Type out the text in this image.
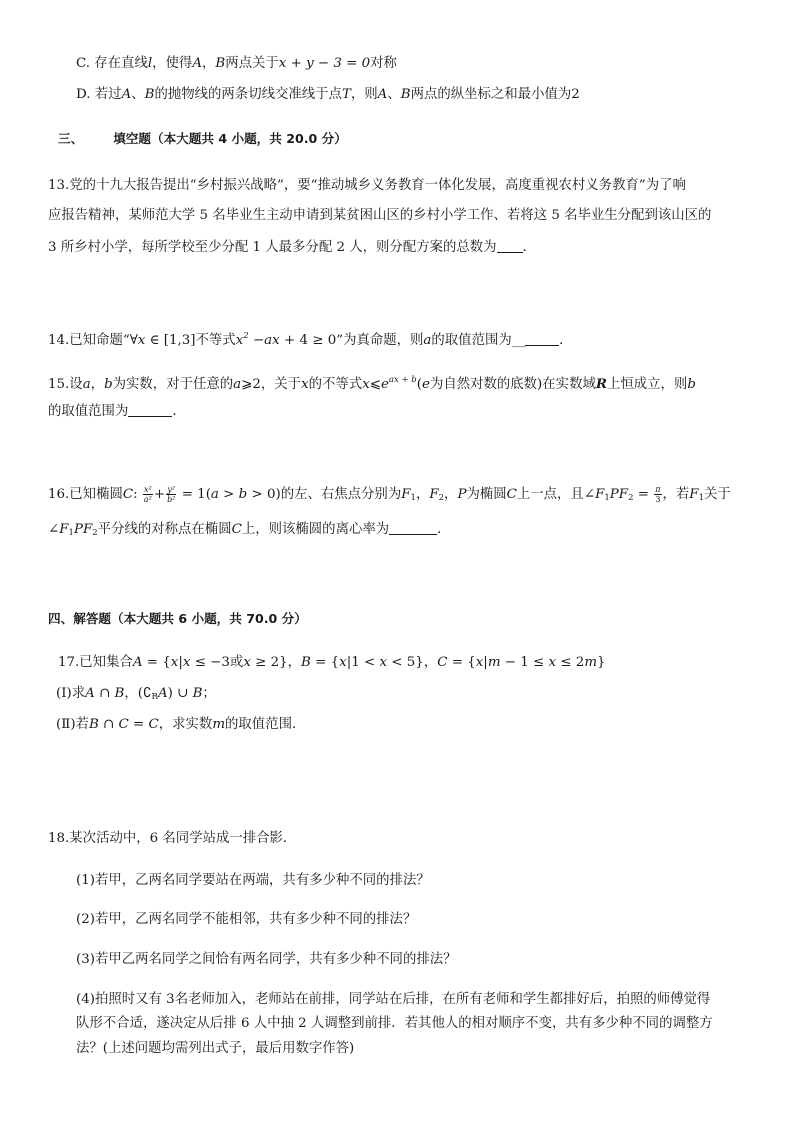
C. 存在直线l，使得A，B两点关于x + y − 3 = 0对称
D. 若过A、B的抛物线的两条切线交准线于点T，则A、B两点的纵坐标之和最小值为2
三、 填空题（本大题共 4 小题，共 20.0 分）
13.党的十九大报告提出“乡村振兴战略”，要“推动城乡义务教育一体化发展，高度重视农村义务教育”为了响
应报告精神，某师范大学 5 名毕业生主动申请到某贫困山区的乡村小学工作、若将这 5 名毕业生分配到该山区的
3 所乡村小学，每所学校至少分配 1 人最多分配 2 人，则分配方案的总数为 ．
14.已知命题“∀x ∈ [1,3]不等式$x^2 -ax + 4 \ge 0$”为真命题，则a的取值范围为__	．
15.设a，b为实数，对于任意的a⩾2，关于x的不等式$x⩽e^{ax + b}(e$为自然对数的底数)在实数域R上恒成立，则b
的取值范围为	．
16.已知椭圆C: $\frac{\text{x²}}{\text{a²}} + \frac{\text{y²}}{\text{b²}} = 1(a > b > 0)$的左、右焦点分别为$F_1$，$F_2$，P为椭圆C上一点，且$\angle F_1PF_2 = \frac{\pi}{3}$ ，若$F_1$关于
$\angle F_1PF_2$平分线的对称点在椭圆C上，则该椭圆的离心率为	．
四、解答题（本大题共 6 小题，共 70.0 分）
17.已知集合A = {x|x ≤ −3或x ≥ 2}，B = {x|1 < x < 5}，C = {x|m − 1 ≤ x ≤ 2m}
(Ⅰ)求A ∩ B，$(∁_RA)$ ∪ B；
(Ⅱ)若B ∩ C = C，求实数m的取值范围．
18.某次活动中，6 名同学站成一排合影．
(1)若甲，乙两名同学要站在两端，共有多少种不同的排法？
(2)若甲，乙两名同学不能相邻，共有多少种不同的排法？
(3)若甲乙两名同学之间恰有两名同学，共有多少种不同的排法？
(4)拍照时又有 3名老师加入，老师站在前排，同学站在后排，在所有老师和学生都排好后，拍照的师傅觉得
队形不合适，遂决定从后排 6 人中抽 2 人调整到前排．若其他人的相对顺序不变，共有多少种不同的调整方
法？(上述问题均需列出式子，最后用数字作答)
